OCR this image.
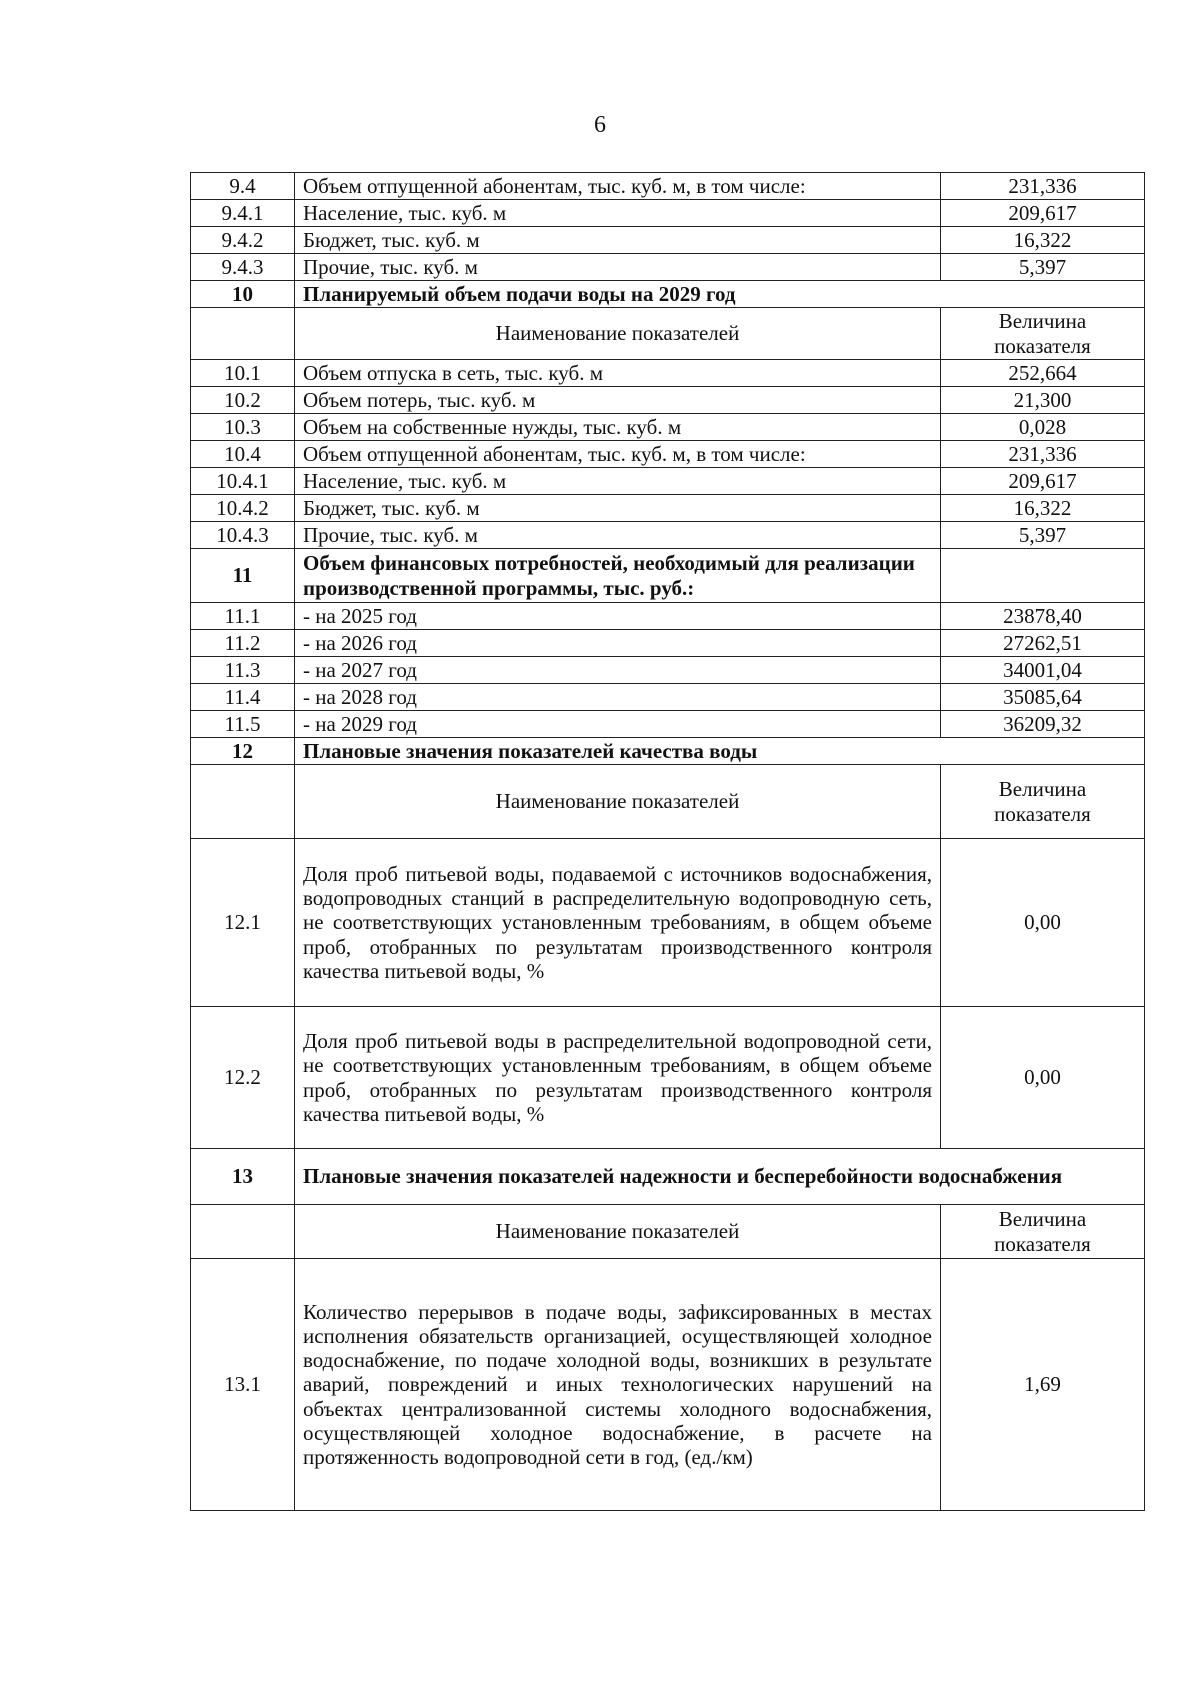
6
9.4	Объем отпущенной абонентам, тыс. куб. м, в том числе:	231,336
9.4.1	Население, тыс. куб. м	209,617
9.4.2	Бюджет, тыс. куб. м	16,322
9.4.3	Прочие, тыс. куб. м	5,397
10	Планируемый объем подачи воды на 2029 год	
	Наименование показателей	Величина показателя
10.1	Объем отпуска в сеть, тыс. куб. м	252,664
10.2	Объем потерь, тыс. куб. м	21,300
10.3	Объем на собственные нужды, тыс. куб. м	0,028
10.4	Объем отпущенной абонентам, тыс. куб. м, в том числе:	231,336
10.4.1	Население, тыс. куб. м	209,617
10.4.2	Бюджет, тыс. куб. м	16,322
10.4.3	Прочие, тыс. куб. м	5,397
11	Объем финансовых потребностей, необходимый для реализации производственной программы, тыс. руб.:	
11.1	- на 2025 год	23878,40
11.2	- на 2026 год	27262,51
11.3	- на 2027 год	34001,04
11.4	- на 2028 год	35085,64
11.5	- на 2029 год	36209,32
12	Плановые значения показателей качества воды	
	Наименование показателей	Величина показателя
12.1	Доля проб питьевой воды, подаваемой с источников водоснабжения, водопроводных станций в распределительную водопроводную сеть, не соответствующих установленным требованиям, в общем объеме проб, отобранных по результатам производственного контроля качества питьевой воды, %	0,00
12.2	Доля проб питьевой воды в распределительной водопроводной сети, не соответствующих установленным требованиям, в общем объеме проб, отобранных по результатам производственного контроля качества питьевой воды, %	0,00
13	Плановые значения показателей надежности и бесперебойности водоснабжения	
	Наименование показателей	Величина показателя
13.1	Количество перерывов в подаче воды, зафиксированных в местах исполнения обязательств организацией, осуществляющей холодное водоснабжение, по подаче холодной воды, возникших в результате аварий, повреждений и иных технологических нарушений на объектах централизованной системы холодного водоснабжения, осуществляющей холодное водоснабжение, в расчете на протяженность водопроводной сети в год, (ед./км)	1,69
